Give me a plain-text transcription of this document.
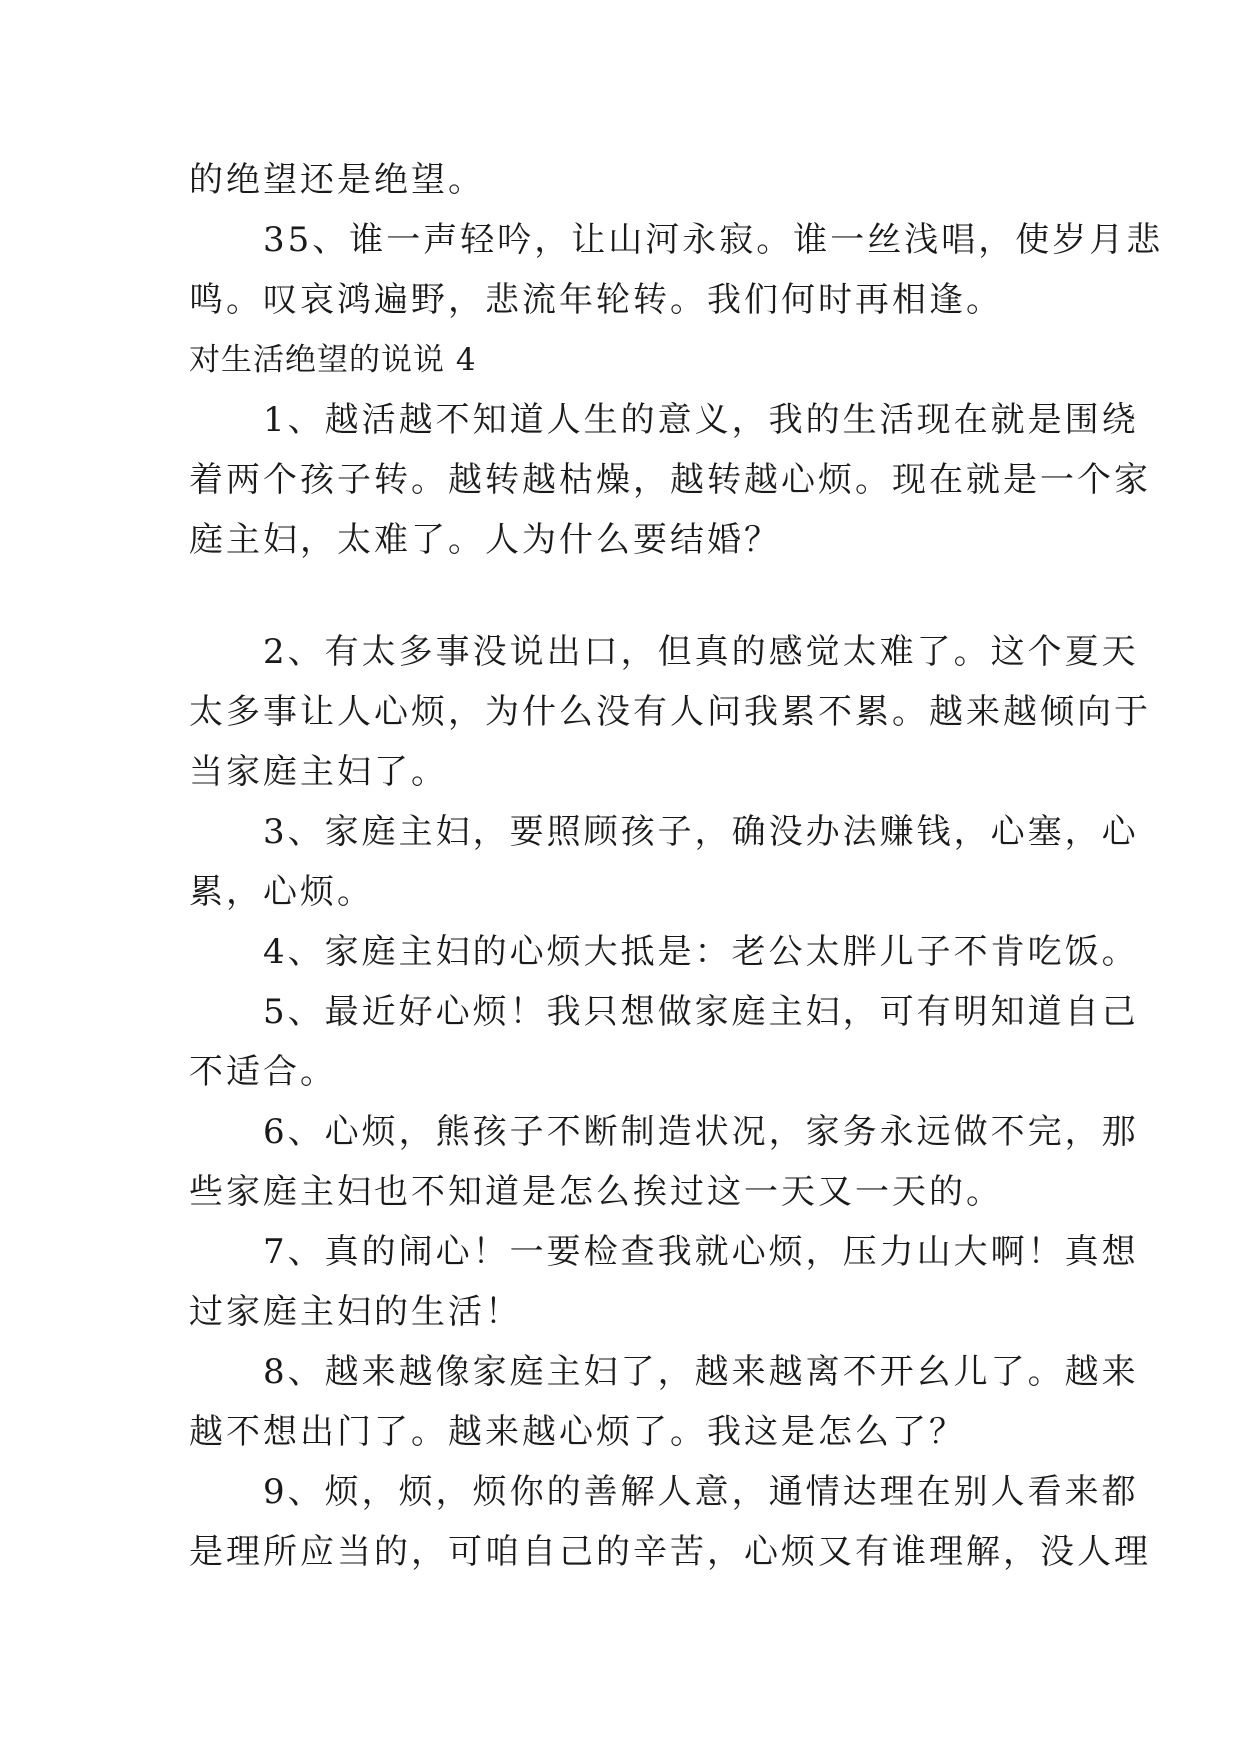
的绝望还是绝望。
　　35、谁一声轻吟，让山河永寂。谁一丝浅唱，使岁月悲
鸣。叹哀鸿遍野，悲流年轮转。我们何时再相逢。
对生活绝望的说说 4
　　1、越活越不知道人生的意义，我的生活现在就是围绕
着两个孩子转。越转越枯燥，越转越心烦。现在就是一个家
庭主妇，太难了。人为什么要结婚？
　　2、有太多事没说出口，但真的感觉太难了。这个夏天
太多事让人心烦，为什么没有人问我累不累。越来越倾向于
当家庭主妇了。
　　3、家庭主妇，要照顾孩子，确没办法赚钱，心塞，心
累，心烦。
　　4、家庭主妇的心烦大抵是：老公太胖儿子不肯吃饭。
　　5、最近好心烦！我只想做家庭主妇，可有明知道自己
不适合。
　　6、心烦，熊孩子不断制造状况，家务永远做不完，那
些家庭主妇也不知道是怎么挨过这一天又一天的。
　　7、真的闹心！一要检查我就心烦，压力山大啊！真想
过家庭主妇的生活！
　　8、越来越像家庭主妇了，越来越离不开幺儿了。越来
越不想出门了。越来越心烦了。我这是怎么了？
　　9、烦，烦，烦你的善解人意，通情达理在别人看来都
是理所应当的，可咱自己的辛苦，心烦又有谁理解，没人理
